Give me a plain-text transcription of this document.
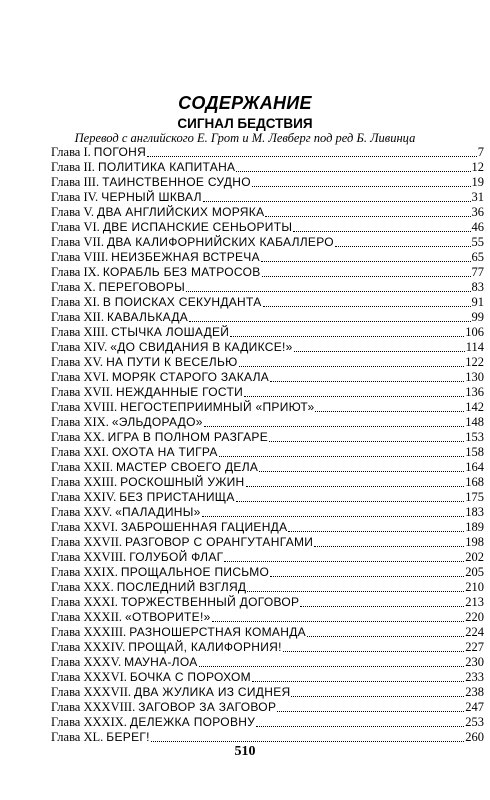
СОДЕРЖАНИЕ
СИГНАЛ БЕДСТВИЯ
Перевод с английского Е. Грот и М. Левберг под ред Б. Ливинца
Глава I. ПОГОНЯ	7
Глава II. ПОЛИТИКА КАПИТАНА	12
Глава III. ТАИНСТВЕННОЕ СУДНО	19
Глава IV. ЧЕРНЫЙ ШКВАЛ	31
Глава V. ДВА АНГЛИЙСКИХ МОРЯКА	36
Глава VI. ДВЕ ИСПАНСКИЕ СЕНЬОРИТЫ	46
Глава VII. ДВА КАЛИФОРНИЙСКИХ КАБАЛЛЕРО	55
Глава VIII. НЕИЗБЕЖНАЯ ВСТРЕЧА	65
Глава IX. КОРАБЛЬ БЕЗ МАТРОСОВ	77
Глава X. ПЕРЕГОВОРЫ	83
Глава XI. В ПОИСКАХ СЕКУНДАНТА	91
Глава XII. КАВАЛЬКАДА	99
Глава XIII. СТЫЧКА ЛОШАДЕЙ	106
Глава XIV. «ДО СВИДАНИЯ В КАДИКСЕ!»	114
Глава XV. НА ПУТИ К ВЕСЕЛЬЮ	122
Глава XVI. МОРЯК СТАРОГО ЗАКАЛА	130
Глава XVII. НЕЖДАННЫЕ ГОСТИ	136
Глава XVIII. НЕГОСТЕПРИИМНЫЙ «ПРИЮТ»	142
Глава XIX. «ЭЛЬДОРАДО»	148
Глава XX. ИГРА В ПОЛНОМ РАЗГАРЕ	153
Глава XXI. ОХОТА НА ТИГРА	158
Глава XXII. МАСТЕР СВОЕГО ДЕЛА	164
Глава XXIII. РОСКОШНЫЙ УЖИН	168
Глава XXIV. БЕЗ ПРИСТАНИЩА	175
Глава XXV. «ПАЛАДИНЫ»	183
Глава XXVI. ЗАБРОШЕННАЯ ГАЦИЕНДА	189
Глава XXVII. РАЗГОВОР С ОРАНГУТАНГАМИ	198
Глава XXVIII. ГОЛУБОЙ ФЛАГ	202
Глава XXIX. ПРОЩАЛЬНОЕ ПИСЬМО	205
Глава XXX. ПОСЛЕДНИЙ ВЗГЛЯД	210
Глава XXXI. ТОРЖЕСТВЕННЫЙ ДОГОВОР	213
Глава XXXII. «ОТВОРИТЕ!»	220
Глава XXXIII. РАЗНОШЕРСТНАЯ КОМАНДА	224
Глава XXXIV. ПРОЩАЙ, КАЛИФОРНИЯ!	227
Глава XXXV. МАУНА-ЛОА	230
Глава XXXVI. БОЧКА С ПОРОХОМ	233
Глава XXXVII. ДВА ЖУЛИКА ИЗ СИДНЕЯ	238
Глава XXXVIII. ЗАГОВОР ЗА ЗАГОВОР	247
Глава XXXIX. ДЕЛЕЖКА ПОРОВНУ	253
Глава XL. БЕРЕГ!	260
510
